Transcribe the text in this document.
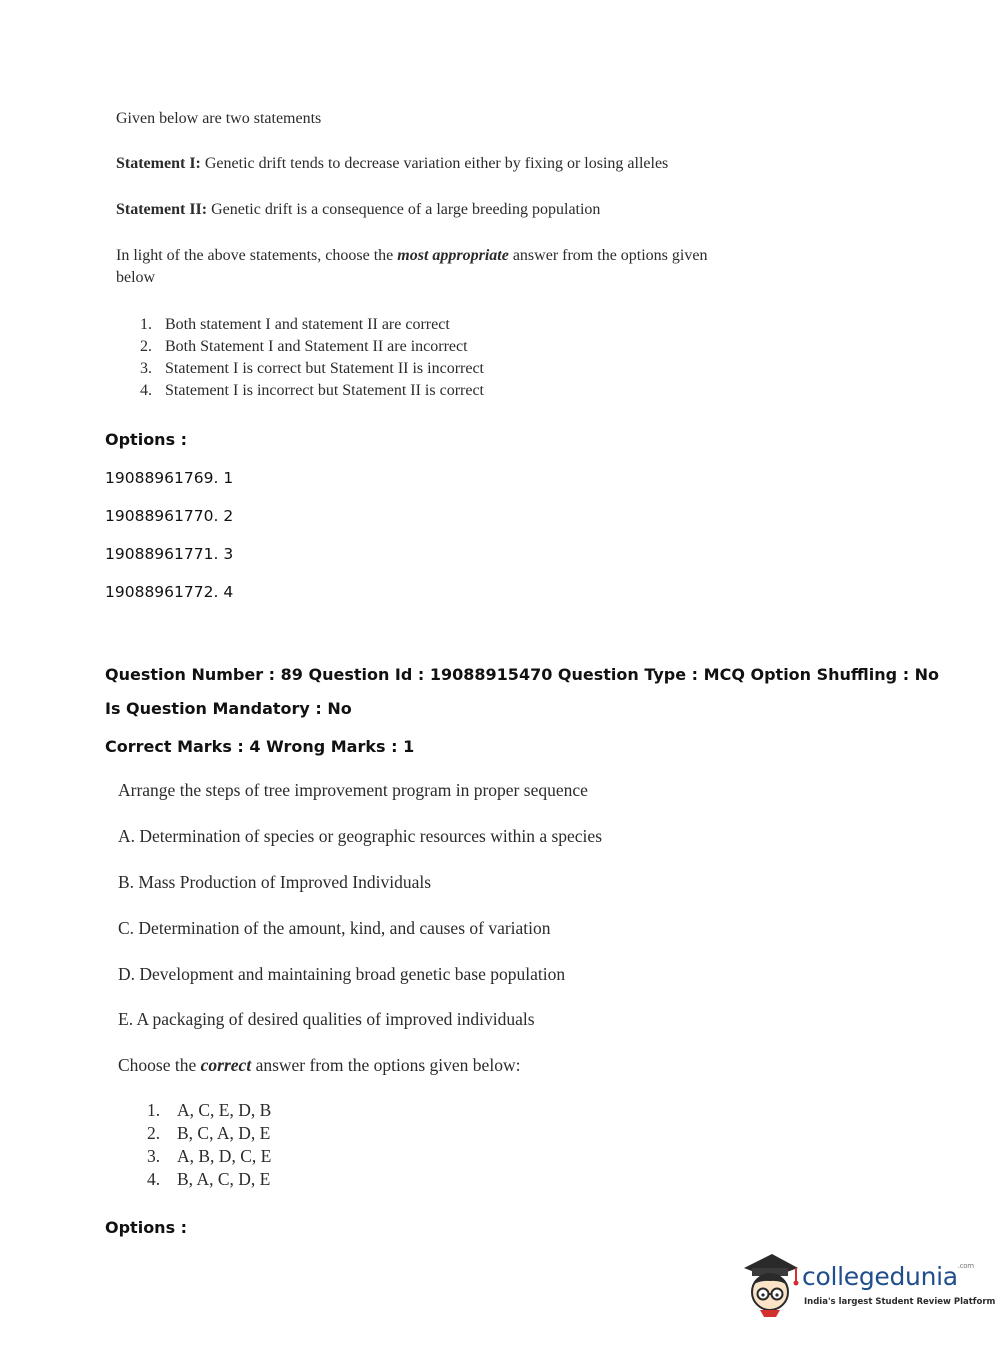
Given below are two statements
Statement I: Genetic drift tends to decrease variation either by fixing or losing alleles
Statement II: Genetic drift is a consequence of a large breeding population
In light of the above statements, choose the most appropriate answer from the options given
below
1. Both statement I and statement II are correct
2. Both Statement I and Statement II are incorrect
3. Statement I is correct but Statement II is incorrect
4. Statement I is incorrect but Statement II is correct
Options :
19088961769. 1
19088961770. 2
19088961771. 3
19088961772. 4
Question Number : 89 Question Id : 19088915470 Question Type : MCQ Option Shuffling : No
Is Question Mandatory : No
Correct Marks : 4 Wrong Marks : 1
Arrange the steps of tree improvement program in proper sequence
A. Determination of species or geographic resources within a species
B. Mass Production of Improved Individuals
C. Determination of the amount, kind, and causes of variation
D. Development and maintaining broad genetic base population
E. A packaging of desired qualities of improved individuals
Choose the correct answer from the options given below:
1. A, C, E, D, B
2. B, C, A, D, E
3. A, B, D, C, E
4. B, A, C, D, E
Options :
collegedunia$^{.com}$
India's largest Student Review Platform
